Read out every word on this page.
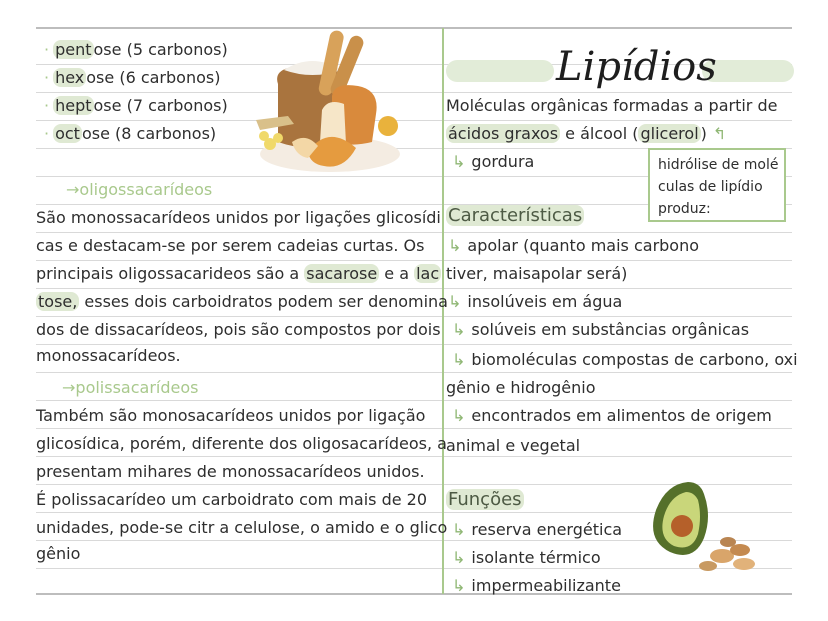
· pent ose (5 carbonos)
· hex ose (6 carbonos)
· hept ose (7 carbonos)
· oct ose (8 carbonos)
→oligossacarídeos
São monossacarídeos unidos por ligações glicosídi
cas e destacam-se por serem cadeias curtas. Os
principais oligossacarideos são a sacarose e a lac
tose, esses dois carboidratos podem ser denomina
dos de dissacarídeos, pois são compostos por dois
monossacarídeos.
→polissacarídeos
Também são monosacarídeos unidos por ligação
glicosídica, porém, diferente dos oligosacarídeos, a
presentam mihares de monossacarídeos unidos.
É polissacarídeo um carboidrato com mais de 20
unidades, pode-se citr a celulose, o amido e o glico
gênio
Lipídios
Moléculas orgânicas formadas a partir de
ácidos graxos e álcool ( glicerol ) ↰
↳ gordura	hidrólise de molé
culas de lipídio
produz:
Características
↳ apolar (quanto mais carbono
tiver, maisapolar será)
↳ insolúveis em água
↳ solúveis em substâncias orgânicas
↳ biomoléculas compostas de carbono, oxi
gênio e hidrogênio
↳ encontrados em alimentos de origem
animal e vegetal
Funções
↳ reserva energética
↳ isolante térmico
↳ impermeabilizante
